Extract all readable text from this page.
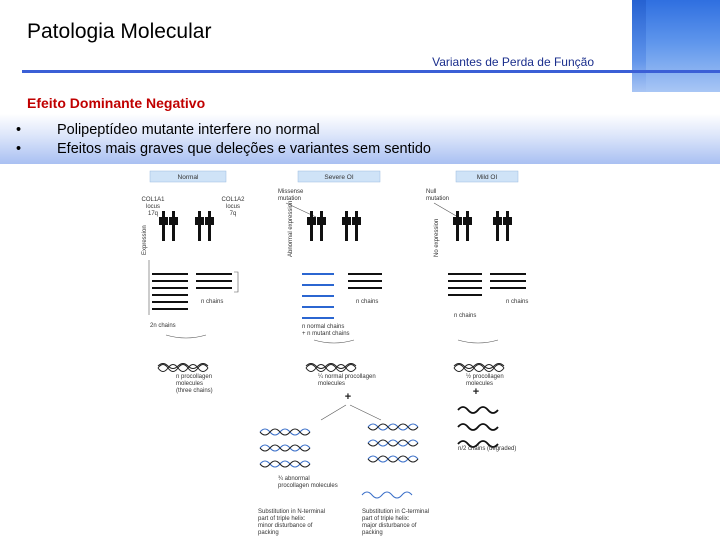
Patologia Molecular
Variantes de Perda de Função
Efeito Dominante Negativo
•	Polipeptídeo mutante interfere no normal
•	Efeitos mais graves que deleções e variantes sem sentido
Normal	Severe OI	Mild OI
COL1A1
locus
17q
COL1A2
locus
7q
Expression
n chains
2n chains
n procollagen
molecules
(three chains)
Missense
mutation
Abnormal expression
n chains
n normal chains
+ n mutant chains
¼ normal procollagen
molecules
+
¾ abnormal
procollagen molecules
Substitution in N-terminal
part of triple helix:
minor disturbance of
packing
Substitution in C-terminal
part of triple helix:
major disturbance of
packing
Null
mutation
No expression
n chains
n chains
½ procollagen
molecules
+
n/2 chains (degraded)
